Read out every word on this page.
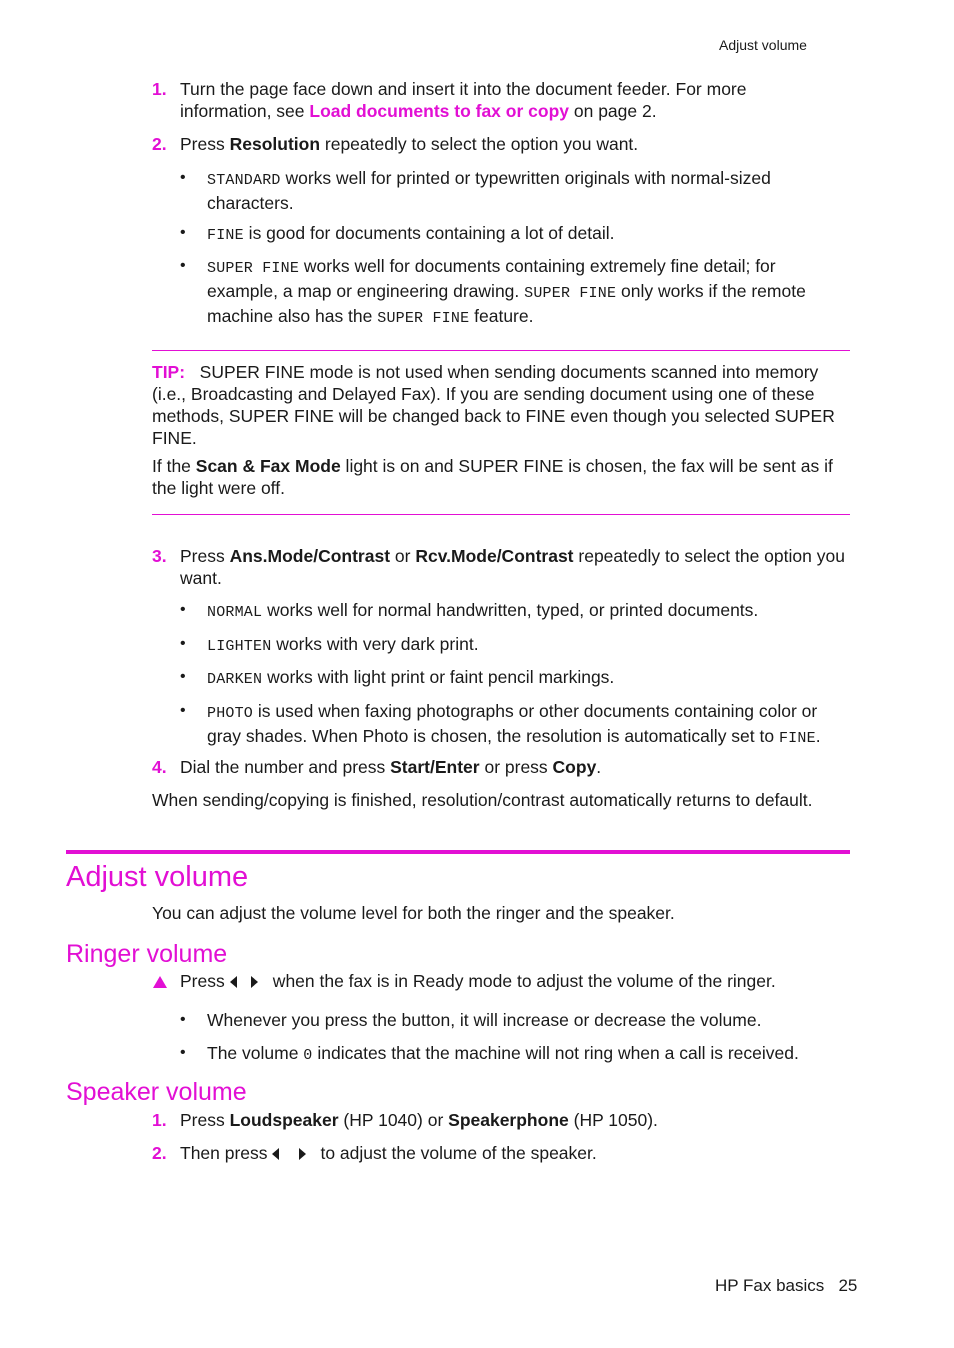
Adjust volume
1. Turn the page face down and insert it into the document feeder. For more
information, see Load documents to fax or copy on page 2.
2. Press Resolution repeatedly to select the option you want.
• STANDARD works well for printed or typewritten originals with normal-sized
characters.
• FINE is good for documents containing a lot of detail.
• SUPER FINE works well for documents containing extremely fine detail; for
example, a map or engineering drawing. SUPER FINE only works if the remote
machine also has the SUPER FINE feature.
TIP: SUPER FINE mode is not used when sending documents scanned into memory
(i.e., Broadcasting and Delayed Fax). If you are sending document using one of these
methods, SUPER FINE will be changed back to FINE even though you selected SUPER
FINE.
If the Scan & Fax Mode light is on and SUPER FINE is chosen, the fax will be sent as if
the light were off.
3. Press Ans.Mode/Contrast or Rcv.Mode/Contrast repeatedly to select the option you
want.
• NORMAL works well for normal handwritten, typed, or printed documents.
• LIGHTEN works with very dark print.
• DARKEN works with light print or faint pencil markings.
• PHOTO is used when faxing photographs or other documents containing color or
gray shades. When Photo is chosen, the resolution is automatically set to FINE.
4. Dial the number and press Start/Enter or press Copy.
When sending/copying is finished, resolution/contrast automatically returns to default.
Adjust volume
You can adjust the volume level for both the ringer and the speaker.
Ringer volume
Press       when the fax is in Ready mode to adjust the volume of the ringer.
• Whenever you press the button, it will increase or decrease the volume.
• The volume 0 indicates that the machine will not ring when a call is received.
Speaker volume
1. Press Loudspeaker (HP 1040) or Speakerphone (HP 1050).
2. Then press        to adjust the volume of the speaker.
HP Fax basics 25
